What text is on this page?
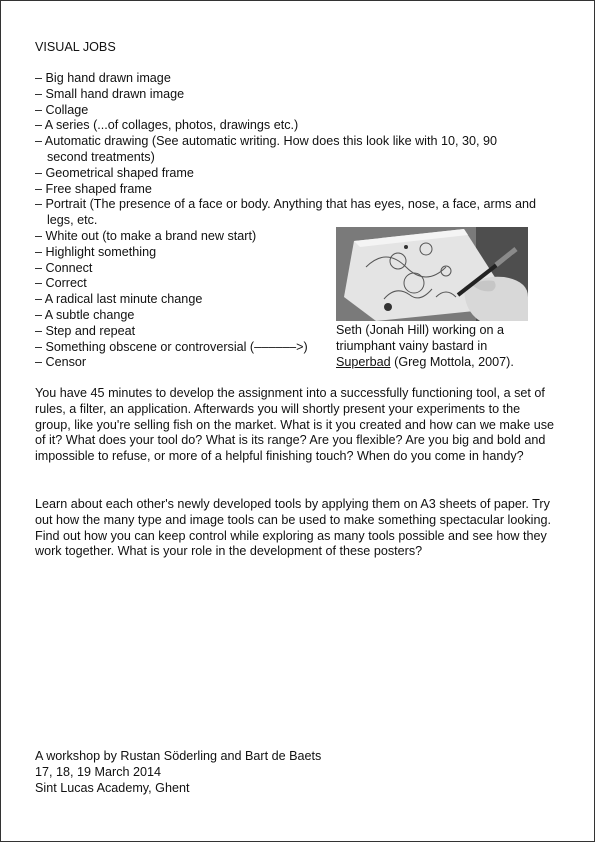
VISUAL JOBS
– Big hand drawn image
– Small hand drawn image
– Collage
– A series (...of collages, photos, drawings etc.)
– Automatic drawing (See automatic writing. How does this look like with 10, 30, 90 second treatments)
– Geometrical shaped frame
– Free shaped frame
– Portrait (The presence of a face or body. Anything that has eyes, nose, a face, arms and legs, etc.
– White out (to make a brand new start)
– Highlight something
– Connect
– Correct
– A radical last minute change
– A subtle change
– Step and repeat
– Something obscene or controversial (––––––>)
– Censor
Seth (Jonah Hill) working on a triumphant vainy bastard in
Superbad (Greg Mottola, 2007).

You have 45 minutes to develop the assignment into a successfully functioning tool, a set of rules, a filter, an application. Afterwards you will shortly present your experiments to the group, like you're selling fish on the market. What is it you created and how can we make use of it? What does your tool do? What is its range? Are you flexible? Are you big and bold and impossible to refuse, or more of a helpful finishing touch? When do you come in handy?

Learn about each other's newly developed tools by applying them on A3 sheets of paper. Try out how the many type and image tools can be used to make something spectacular looking. Find out how you can keep control while exploring as many tools possible and see how they work together. What is your role in the development of these posters?

A workshop by Rustan Söderling and Bart de Baets
17, 18, 19 March 2014
Sint Lucas Academy, Ghent
